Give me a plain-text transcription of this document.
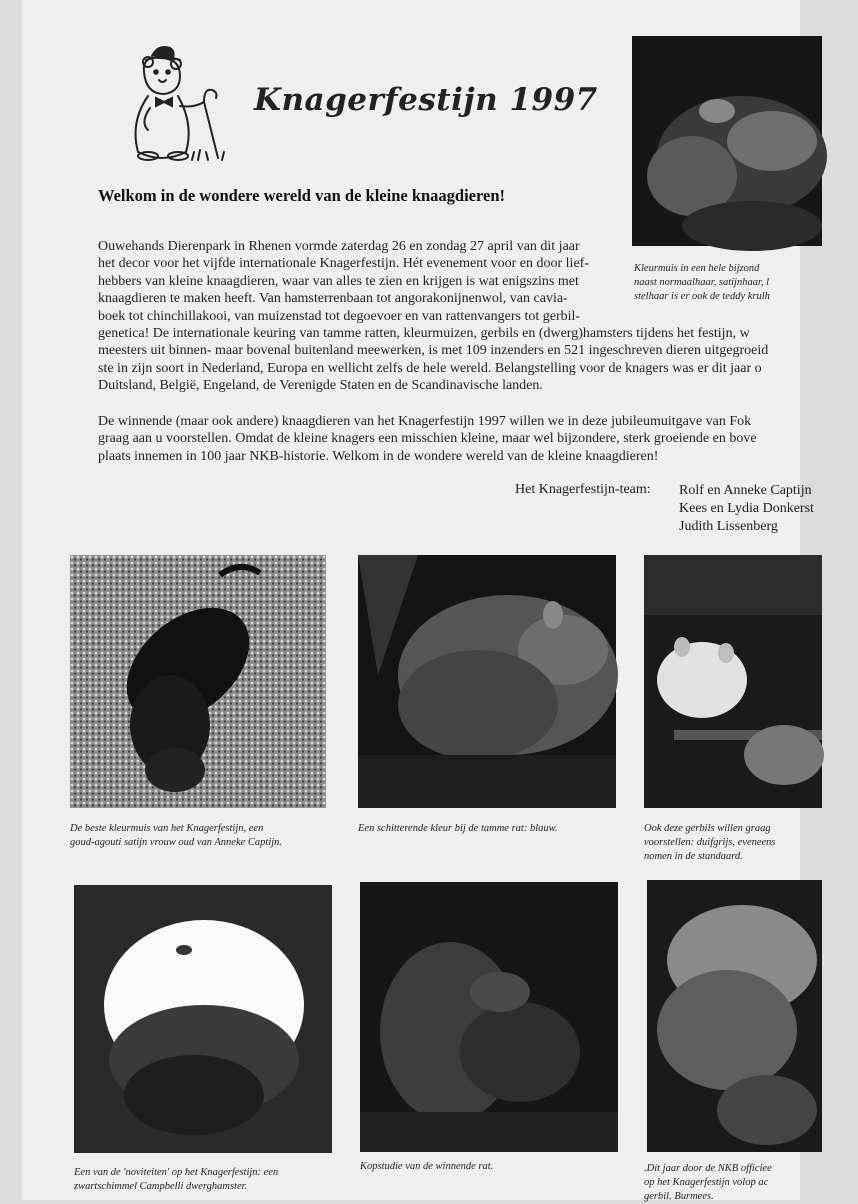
Knagerfestijn 1997

Kleurmuis in een hele bijzond
naast normaalhaar, satijnhaar, l
stelhaar is er ook de teddy krulh

Welkom in de wondere wereld van de kleine knaagdieren!

Ouwehands Dierenpark in Rhenen vormde zaterdag 26 en zondag 27 april van dit jaar
het decor voor het vijfde internationale Knagerfestijn. Hét evenement voor en door lief-
hebbers van kleine knaagdieren, waar van alles te zien en krijgen is wat enigszins met
knaagdieren te maken heeft. Van hamsterrenbaan tot angorakonijnenwol, van cavia-
boek tot chinchillakooi, van muizenstad tot degoevoer en van rattenvangers tot gerbil-
genetica! De internationale keuring van tamme ratten, kleurmuizen, gerbils en (dwerg)hamsters tijdens het festijn, w
meesters uit binnen- maar bovenal buitenland meewerken, is met 109 inzenders en 521 ingeschreven dieren uitgegroeid
ste in zijn soort in Nederland, Europa en wellicht zelfs de hele wereld. Belangstelling voor de knagers was er dit jaar o
Duitsland, België, Engeland, de Verenigde Staten en de Scandinavische landen.

De winnende (maar ook andere) knaagdieren van het Knagerfestijn 1997 willen we in deze jubileumuitgave van Fok
graag aan u voorstellen. Omdat de kleine knagers een misschien kleine, maar wel bijzondere, sterk groeiende en bove
plaats innemen in 100 jaar NKB-historie. Welkom in de wondere wereld van de kleine knaagdieren!

Het Knagerfestijn-team: Rolf en Anneke Captijn
Kees en Lydia Donkerst
Judith Lissenberg

De beste kleurmuis van het Knagerfestijn, een
goud-agouti satijn vrouw oud van Anneke Captijn.

Een schitterende kleur bij de tamme rat: blauw.	Ook deze gerbils willen graag
voorstellen: duifgrijs, eveneens
nomen in de standaard.

Een van de 'noviteiten' op het Knagerfestijn: een
zwartschimmel Campbelli dwerghamster.

Kopstudie van de winnende rat.	.Dit jaar door de NKB officiee
op het Knagerfestijn volop ac
gerbil. Burmees.
